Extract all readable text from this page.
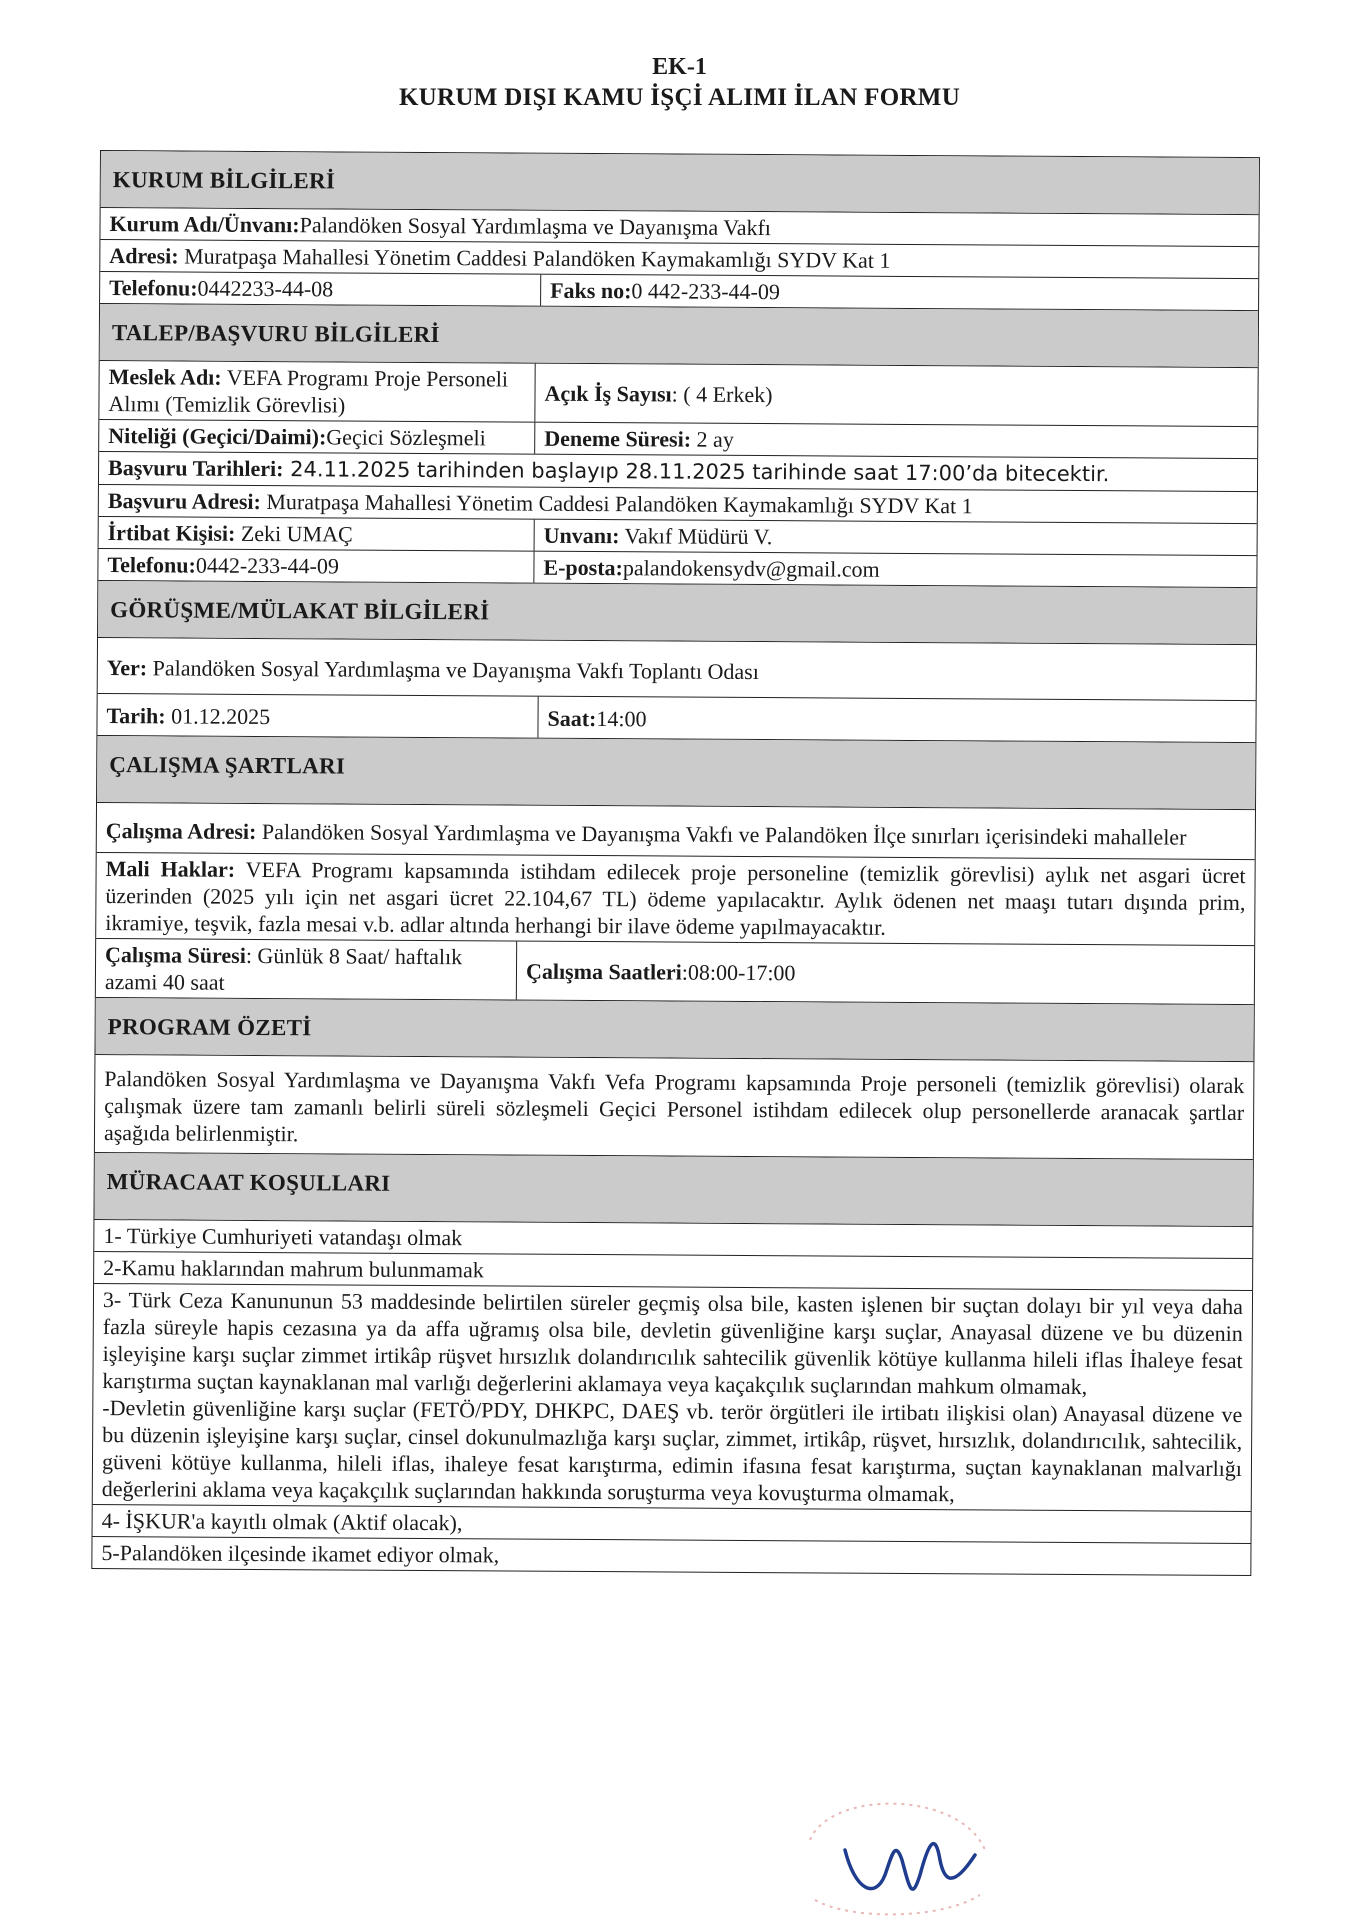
EK-1
KURUM DIŞI KAMU İŞÇİ ALIMI İLAN FORMU
KURUM BİLGİLERİ
Kurum Adı/Ünvanı:Palandöken Sosyal Yardımlaşma ve Dayanışma Vakfı
Adresi: Muratpaşa Mahallesi Yönetim Caddesi Palandöken Kaymakamlığı SYDV Kat 1
Telefonu:0442233-44-08	Faks no:0 442-233-44-09
TALEP/BAŞVURU BİLGİLERİ
Meslek Adı: VEFA Programı Proje Personeli Alımı (Temizlik Görevlisi)	Açık İş Sayısı: ( 4 Erkek)
Niteliği (Geçici/Daimi):Geçici Sözleşmeli	Deneme Süresi: 2 ay
Başvuru Tarihleri: 24.11.2025 tarihinden başlayıp 28.11.2025 tarihinde saat 17:00’da bitecektir.
Başvuru Adresi: Muratpaşa Mahallesi Yönetim Caddesi Palandöken Kaymakamlığı SYDV Kat 1
İrtibat Kişisi: Zeki UMAÇ	Unvanı: Vakıf Müdürü V.
Telefonu:0442-233-44-09	E-posta:palandokensydv@gmail.com
GÖRÜŞME/MÜLAKAT BİLGİLERİ
Yer: Palandöken Sosyal Yardımlaşma ve Dayanışma Vakfı Toplantı Odası
Tarih: 01.12.2025	Saat:14:00
ÇALIŞMA ŞARTLARI
Çalışma Adresi: Palandöken Sosyal Yardımlaşma ve Dayanışma Vakfı ve Palandöken İlçe sınırları içerisindeki mahalleler
Mali Haklar: VEFA Programı kapsamında istihdam edilecek proje personeline (temizlik görevlisi) aylık net asgari ücret üzerinden (2025 yılı için net asgari ücret 22.104,67 TL) ödeme yapılacaktır. Aylık ödenen net maaşı tutarı dışında prim, ikramiye, teşvik, fazla mesai v.b. adlar altında herhangi bir ilave ödeme yapılmayacaktır.
Çalışma Süresi: Günlük 8 Saat/ haftalık azami 40 saat	Çalışma Saatleri:08:00-17:00
PROGRAM ÖZETİ
Palandöken Sosyal Yardımlaşma ve Dayanışma Vakfı Vefa Programı kapsamında Proje personeli (temizlik görevlisi) olarak çalışmak üzere tam zamanlı belirli süreli sözleşmeli Geçici Personel istihdam edilecek olup personellerde aranacak şartlar aşağıda belirlenmiştir.
MÜRACAAT KOŞULLARI
1- Türkiye Cumhuriyeti vatandaşı olmak
2-Kamu haklarından mahrum bulunmamak
3- Türk Ceza Kanununun 53 maddesinde belirtilen süreler geçmiş olsa bile, kasten işlenen bir suçtan dolayı bir yıl veya daha fazla süreyle hapis cezasına ya da affa uğramış olsa bile, devletin güvenliğine karşı suçlar, Anayasal düzene ve bu düzenin işleyişine karşı suçlar zimmet irtikâp rüşvet hırsızlık dolandırıcılık sahtecilik güvenlik kötüye kullanma hileli iflas İhaleye fesat karıştırma suçtan kaynaklanan mal varlığı değerlerini aklamaya veya kaçakçılık suçlarından mahkum olmamak,
-Devletin güvenliğine karşı suçlar (FETÖ/PDY, DHKPC, DAEŞ vb. terör örgütleri ile irtibatı ilişkisi olan) Anayasal düzene ve bu düzenin işleyişine karşı suçlar, cinsel dokunulmazlığa karşı suçlar, zimmet, irtikâp, rüşvet, hırsızlık, dolandırıcılık, sahtecilik, güveni kötüye kullanma, hileli iflas, ihaleye fesat karıştırma, edimin ifasına fesat karıştırma, suçtan kaynaklanan malvarlığı değerlerini aklama veya kaçakçılık suçlarından hakkında soruşturma veya kovuşturma olmamak,
4- İŞKUR'a kayıtlı olmak (Aktif olacak),
5-Palandöken ilçesinde ikamet ediyor olmak,
